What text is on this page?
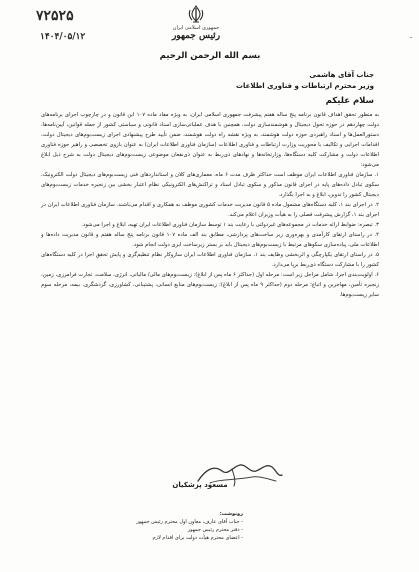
جمهوری اسلامی ایران
رئیس جمهور
۷۲۵۲۵
۱۴۰۴/۰۵/۱۲	ـ
بسم الله الرحمن الرحیم
جناب آقای هاشمی
وزیر محترم ارتباطات و فناوری اطلاعات
سلام علیکم

به منظور تحقق اهداف قانون برنامه پنج ساله هفتم پیشرفت جمهوری اسلامی ایران، به ویژه مفاد ماده ۱۰۷ این قانون و در چارچوب اجرای برنامه‌های دولت چهاردهم در حوزه تحول دیجیتال و هوشمندسازی دولت، همچنین با هدف عملیاتی‌سازی اسناد قانونی و سیاستی کشور از جمله قوانین، آیین‌نامه‌ها، دستورالعمل‌ها و اسناد راهبردی حوزه دولت هوشمند، به ویژه نقشه راه دولت هوشمند، ضمن تأیید طرح پیشنهادی اجرای زیست‌بوم‌های دیجیتال دولت، اقدامات اجرایی و تکالیف با محوریت وزارت ارتباطات و فناوری اطلاعات (سازمان فناوری اطلاعات ایران) به عنوان بازوی تخصصی و راهبر حوزه فناوری اطلاعات دولت و مشارکت کلیه دستگاه‌ها، وزارتخانه‌ها و نهادهای ذی‌ربط به عنوان ذی‌نفعان موضوعی زیست‌بوم‌های دیجیتال دولت به شرح ذیل ابلاغ می‌شود:

۱. سازمان فناوری اطلاعات ایران موظف است حداکثر ظرف مدت ۶ ماه، معماری‌های کلان و استانداردهای فنی زیست‌بوم‌های دیجیتال دولت الکترونیک، سکوی تبادل داده‌های پایه در اجرای قانون مذکور و سکوی تبادل اسناد و تراکنش‌های الکترونیکی نظام اعتبار بخشی بین زنجیره خدمات زیست‌بوم‌های دیجیتال کشور را تدوین، ابلاغ و به اجرا بگذارد.

۲. در اجرای بند ۱، کلیه دستگاه‌های مشمول ماده ۵ قانون مدیریت خدمات کشوری موظف به همکاری و اقدام می‌باشند. سازمان فناوری اطلاعات ایران در اجرای بند ۱، گزارش پیشرفت فصلی را به هیأت وزیران اعلام می‌کند.

۳. تبصره: ضوابط ارائه خدمات در مجموعه‌های غیردولتی با رعایت بند ۱ توسط سازمان فناوری اطلاعات ایران تهیه، ابلاغ و اجرا می‌شود.

۴. در راستای ارتقای کارآمدی و بهره‌وری زیر ساخت‌های پردازشی، مطابق بند الف ماده ۱۰۷ قانون برنامه پنج ساله هفتم و قانون مدیریت داده‌ها و اطلاعات ملی، پیاده‌سازی سکوهای مرتبط با زیست‌بوم‌های دیجیتال باید بر بستر زیرساخت ابری دولت انجام شود.

۵. در راستای ارتقای یکپارچگی و اثربخشی وظایف بند ۱، سازمان فناوری اطلاعات ایران سازوکار نظام تنظیم‌گری و پایش تحقق اجرا در کلیه دستگاه‌های کشور را با مشارکت دستگاه ذی‌ربط برپا می‌دارد.

۶. اولویت‌بندی اجرا، شامل مراحل زیر است: مرحله اول (حداکثر ۶ ماه پس از ابلاغ): زیست‌بوم‌های مالی/ مالیاتی، انرژی، سلامت، تجارت فرامرزی، زمین، زنجیره تأمین، مهاجرین و اتباع؛ مرحله دوم (حداکثر ۹ ماه پس از ابلاغ): زیست‌بوم‌های منابع انسانی، پشتیبانی، کشاورزی، گردشگری، بیمه، مرحله سوم سایر زیست‌بوم‌ها.

مسعود پزشکیان
رونوشت:
- جناب آقای عارف، معاون اول محترم رئیس جمهور
- دفتر محترم رئیس جمهور
- اعضای محترم هیأت دولت برای اقدام لازم
